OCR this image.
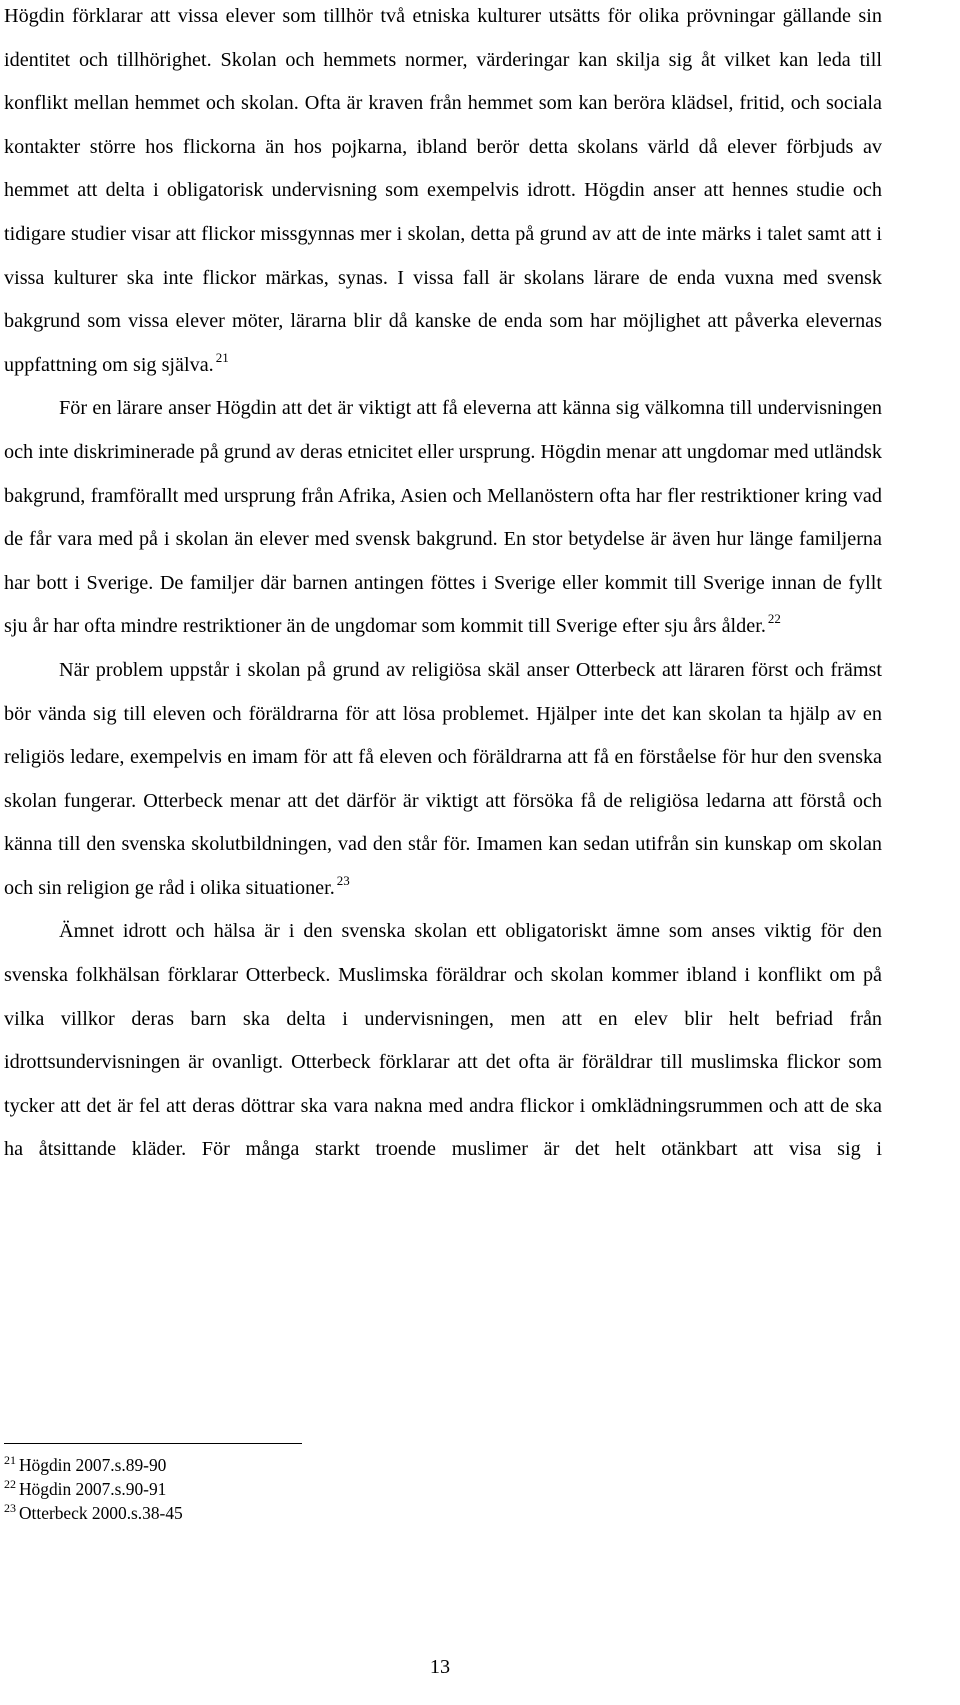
Högdin förklarar att vissa elever som tillhör två etniska kulturer utsätts för olika prövningar gällande sin identitet och tillhörighet. Skolan och hemmets normer, värderingar kan skilja sig åt vilket kan leda till konflikt mellan hemmet och skolan. Ofta är kraven från hemmet som kan beröra klädsel, fritid, och sociala kontakter större hos flickorna än hos pojkarna, ibland berör detta skolans värld då elever förbjuds av hemmet att delta i obligatorisk undervisning som exempelvis idrott. Högdin anser att hennes studie och tidigare studier visar att flickor missgynnas mer i skolan, detta på grund av att de inte märks i talet samt att i vissa kulturer ska inte flickor märkas, synas. I vissa fall är skolans lärare de enda vuxna med svensk bakgrund som vissa elever möter, lärarna blir då kanske de enda som har möjlighet att påverka elevernas uppfattning om sig själva. $^{21}$

För en lärare anser Högdin att det är viktigt att få eleverna att känna sig välkomna till undervisningen och inte diskriminerade på grund av deras etnicitet eller ursprung. Högdin menar att ungdomar med utländsk bakgrund, framförallt med ursprung från Afrika, Asien och Mellanöstern ofta har fler restriktioner kring vad de får vara med på i skolan än elever med svensk bakgrund. En stor betydelse är även hur länge familjerna har bott i Sverige. De familjer där barnen antingen föttes i Sverige eller kommit till Sverige innan de fyllt sju år har ofta mindre restriktioner än de ungdomar som kommit till Sverige efter sju års ålder. $^{22}$

När problem uppstår i skolan på grund av religiösa skäl anser Otterbeck att läraren först och främst bör vända sig till eleven och föräldrarna för att lösa problemet. Hjälper inte det kan skolan ta hjälp av en religiös ledare, exempelvis en imam för att få eleven och föräldrarna att få en förståelse för hur den svenska skolan fungerar. Otterbeck menar att det därför är viktigt att försöka få de religiösa ledarna att förstå och känna till den svenska skolutbildningen, vad den står för. Imamen kan sedan utifrån sin kunskap om skolan och sin religion ge råd i olika situationer. $^{23}$

Ämnet idrott och hälsa är i den svenska skolan ett obligatoriskt ämne som anses viktig för den svenska folkhälsan förklarar Otterbeck. Muslimska föräldrar och skolan kommer ibland i konflikt om på vilka villkor deras barn ska delta i undervisningen, men att en elev blir helt befriad från idrottsundervisningen är ovanligt. Otterbeck förklarar att det ofta är föräldrar till muslimska flickor som tycker att det är fel att deras döttrar ska vara nakna med andra flickor i omklädningsrummen och att de ska ha åtsittande kläder. För många starkt troende muslimer är det helt otänkbart att visa sig i

$^{21}$ Högdin 2007.s.89-90

$^{22}$ Högdin 2007.s.90-91

$^{23}$ Otterbeck 2000.s.38-45

13
